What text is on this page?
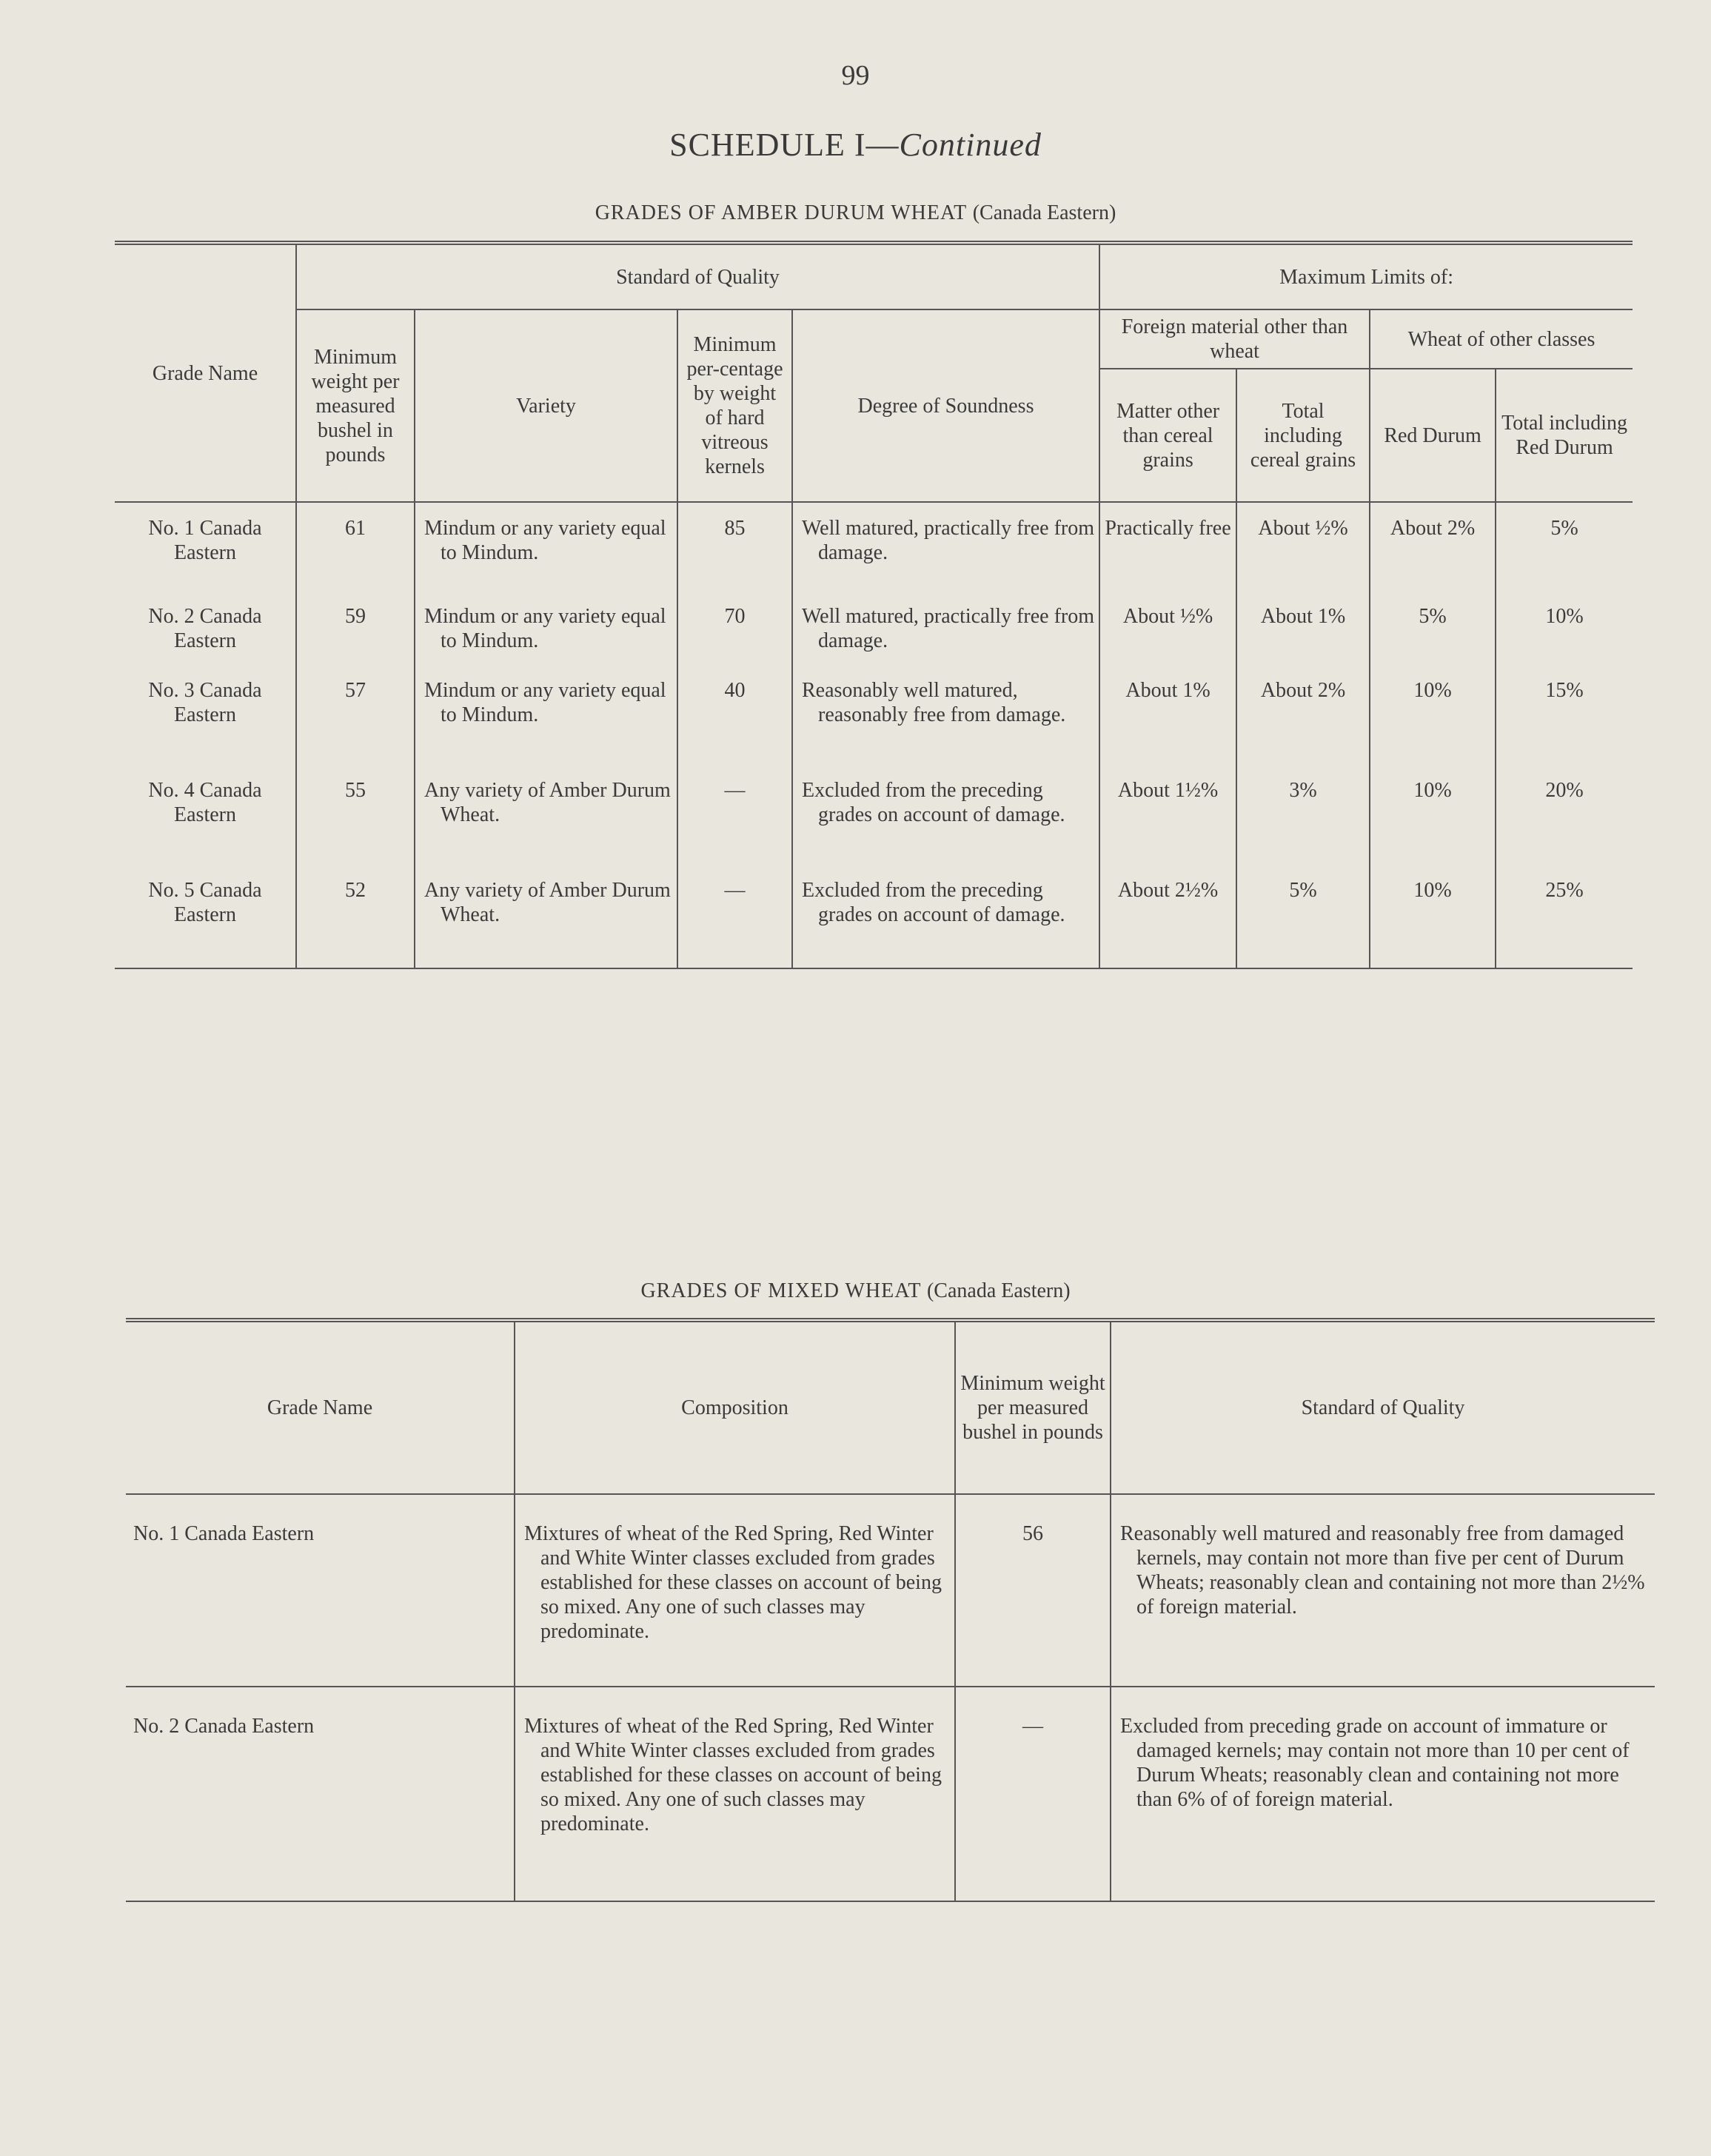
99
SCHEDULE I—Continued
GRADES OF AMBER DURUM WHEAT (Canada Eastern)
Grade Name	Standard of Quality				Maximum Limits of:			
	Minimum weight per measured bushel in pounds	Variety	Minimum per-centage by weight of hard vitreous kernels	Degree of Soundness	Foreign material other than wheat		Wheat of other classes	
					Matter other than cereal grains	Total including cereal grains	Red Durum	Total including Red Durum
No. 1 Canada Eastern	61	Mindum or any variety equal to Mindum.	85	Well matured, practically free from damage.	Practically free	About ½%	About 2%	5%
No. 2 Canada Eastern	59	Mindum or any variety equal to Mindum.	70	Well matured, practically free from damage.	About ½%	About 1%	5%	10%
No. 3 Canada Eastern	57	Mindum or any variety equal to Mindum.	40	Reasonably well matured, reasonably free from damage.	About 1%	About 2%	10%	15%
No. 4 Canada Eastern	55	Any variety of Amber Durum Wheat.	—	Excluded from the preceding grades on account of damage.	About 1½%	3%	10%	20%
No. 5 Canada Eastern	52	Any variety of Amber Durum Wheat.	—	Excluded from the preceding grades on account of damage.	About 2½%	5%	10%	25%
GRADES OF MIXED WHEAT (Canada Eastern)
Grade Name	Composition	Minimum weight per measured bushel in pounds	Standard of Quality
No. 1 Canada Eastern	Mixtures of wheat of the Red Spring, Red Winter and White Winter classes excluded from grades established for these classes on account of being so mixed. Any one of such classes may predominate.	56	Reasonably well matured and reasonably free from damaged kernels, may contain not more than five per cent of Durum Wheats; reasonably clean and containing not more than 2½% of foreign material.
No. 2 Canada Eastern	Mixtures of wheat of the Red Spring, Red Winter and White Winter classes excluded from grades established for these classes on account of being so mixed. Any one of such classes may predominate.	—	Excluded from preceding grade on account of immature or damaged kernels; may contain not more than 10 per cent of Durum Wheats; reasonably clean and containing not more than 6% of of foreign material.
